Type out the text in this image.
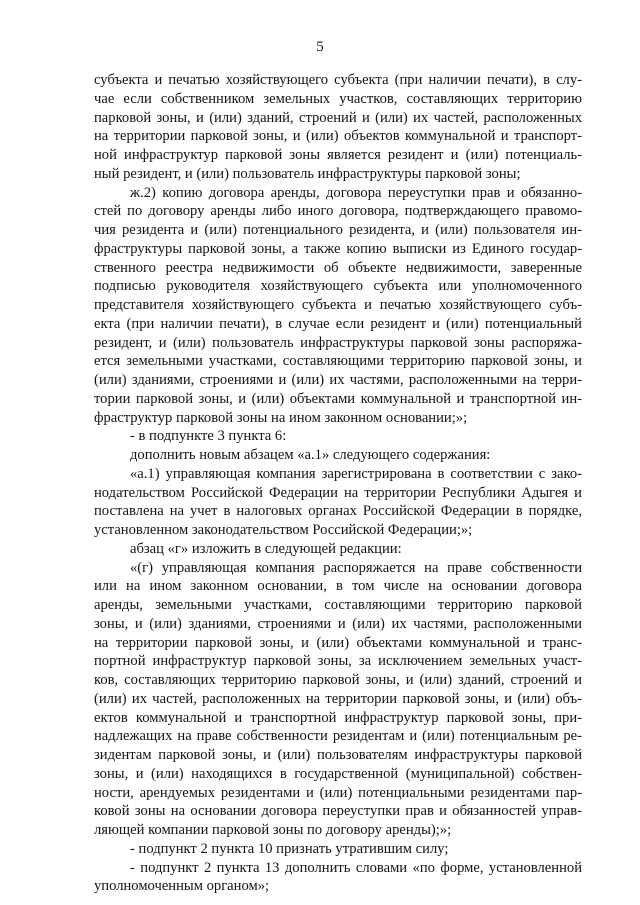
5
субъекта и печатью хозяйствующего субъекта (при наличии печати), в слу-
чае если собственником земельных участков, составляющих территорию
парковой зоны, и (или) зданий, строений и (или) их частей, расположенных
на территории парковой зоны, и (или) объектов коммунальной и транспорт-
ной инфраструктур парковой зоны является резидент и (или) потенциаль-
ный резидент, и (или) пользователь инфраструктуры парковой зоны;
ж.2) копию договора аренды, договора переуступки прав и обязанно-
стей по договору аренды либо иного договора, подтверждающего правомо-
чия резидента и (или) потенциального резидента, и (или) пользователя ин-
фраструктуры парковой зоны, а также копию выписки из Единого государ-
ственного реестра недвижимости об объекте недвижимости, заверенные
подписью руководителя хозяйствующего субъекта или уполномоченного
представителя хозяйствующего субъекта и печатью хозяйствующего субъ-
екта (при наличии печати), в случае если резидент и (или) потенциальный
резидент, и (или) пользователь инфраструктуры парковой зоны распоряжа-
ется земельными участками, составляющими территорию парковой зоны, и
(или) зданиями, строениями и (или) их частями, расположенными на терри-
тории парковой зоны, и (или) объектами коммунальной и транспортной ин-
фраструктур парковой зоны на ином законном основании;»;
- в подпункте 3 пункта 6:
дополнить новым абзацем «а.1» следующего содержания:
«а.1) управляющая компания зарегистрирована в соответствии с зако-
нодательством Российской Федерации на территории Республики Адыгея и
поставлена на учет в налоговых органах Российской Федерации в порядке,
установленном законодательством Российской Федерации;»;
абзац «г» изложить в следующей редакции:
«(г) управляющая компания распоряжается на праве собственности
или на ином законном основании, в том числе на основании договора
аренды, земельными участками, составляющими территорию парковой
зоны, и (или) зданиями, строениями и (или) их частями, расположенными
на территории парковой зоны, и (или) объектами коммунальной и транс-
портной инфраструктур парковой зоны, за исключением земельных участ-
ков, составляющих территорию парковой зоны, и (или) зданий, строений и
(или) их частей, расположенных на территории парковой зоны, и (или) объ-
ектов коммунальной и транспортной инфраструктур парковой зоны, при-
надлежащих на праве собственности резидентам и (или) потенциальным ре-
зидентам парковой зоны, и (или) пользователям инфраструктуры парковой
зоны, и (или) находящихся в государственной (муниципальной) собствен-
ности, арендуемых резидентами и (или) потенциальными резидентами пар-
ковой зоны на основании договора переуступки прав и обязанностей управ-
ляющей компании парковой зоны по договору аренды);»;
- подпункт 2 пункта 10 признать утратившим силу;
- подпункт 2 пункта 13 дополнить словами «по форме, установленной
уполномоченным органом»;
